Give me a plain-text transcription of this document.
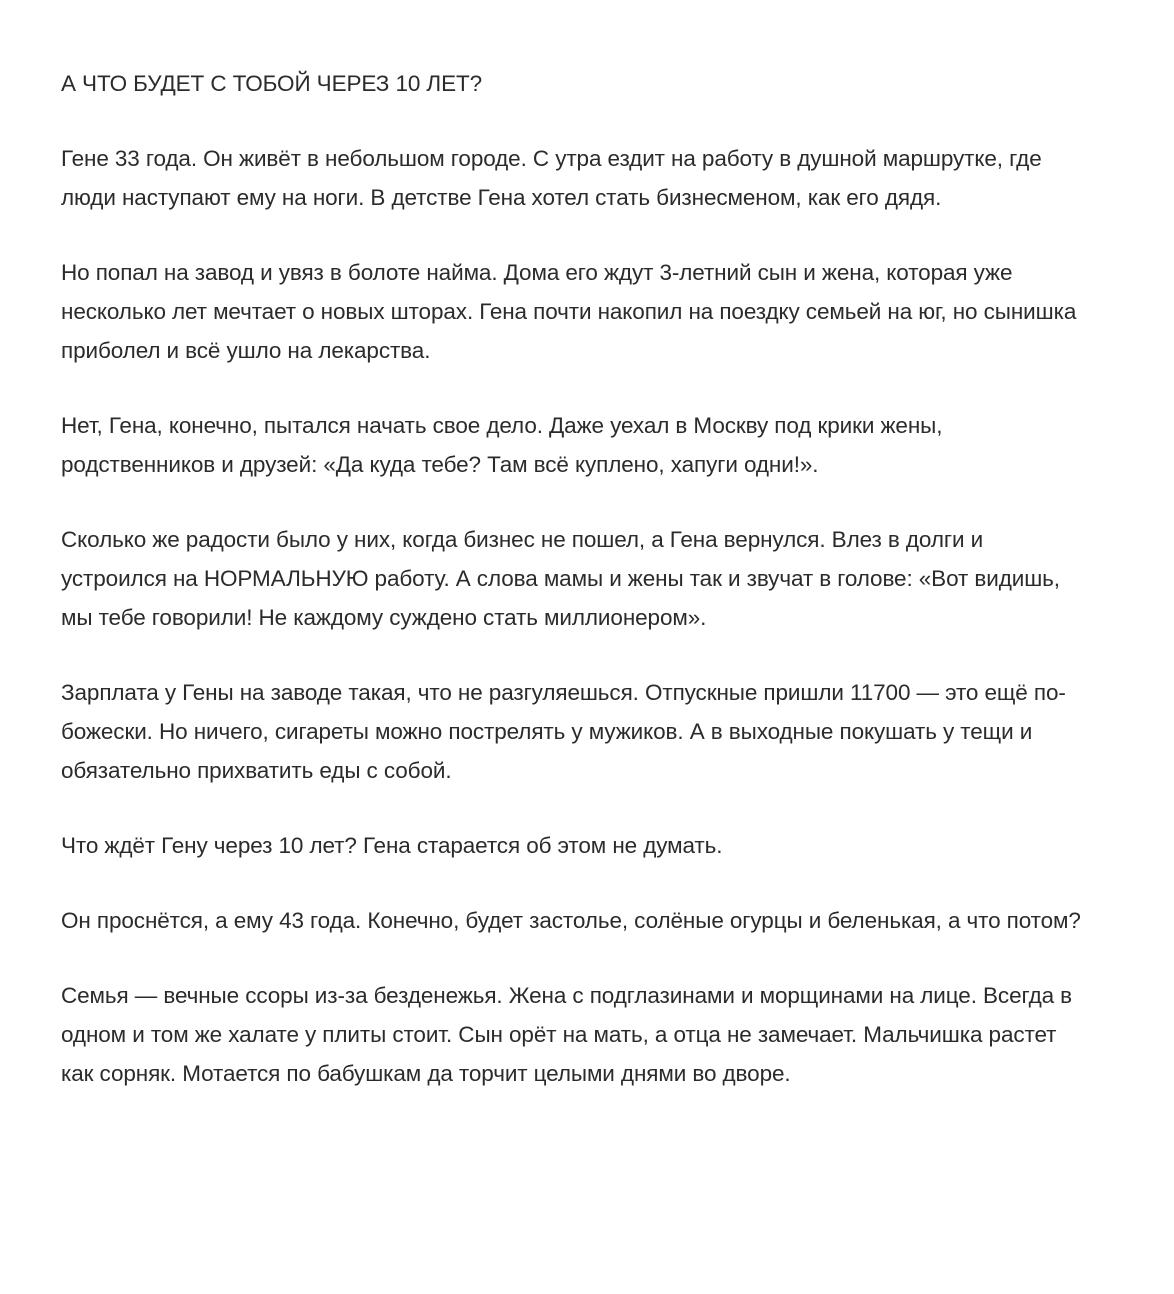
А ЧТО БУДЕТ С ТОБОЙ ЧЕРЕЗ 10 ЛЕТ?

Гене 33 года. Он живёт в небольшом городе. С утра ездит на работу в душной маршрутке, где люди наступают ему на ноги. В детстве Гена хотел стать бизнесменом, как его дядя.

Но попал на завод и увяз в болоте найма. Дома его ждут 3-летний сын и жена, которая уже несколько лет мечтает о новых шторах. Гена почти накопил на поездку семьей на юг, но сынишка приболел и всё ушло на лекарства.

Нет, Гена, конечно, пытался начать свое дело. Даже уехал в Москву под крики жены, родственников и друзей: «Да куда тебе? Там всё куплено, хапуги одни!».

Сколько же радости было у них, когда бизнес не пошел, а Гена вернулся. Влез в долги и устроился на НОРМАЛЬНУЮ работу. А слова мамы и жены так и звучат в голове: «Вот видишь, мы тебе говорили! Не каждому суждено стать миллионером».

Зарплата у Гены на заводе такая, что не разгуляешься. Отпускные пришли 11700 — это ещё по-божески. Но ничего, сигареты можно пострелять у мужиков. А в выходные покушать у тещи и обязательно прихватить еды с собой.

Что ждёт Гену через 10 лет? Гена старается об этом не думать.

Он проснётся, а ему 43 года. Конечно, будет застолье, солёные огурцы и беленькая, а что потом?

Семья — вечные ссоры из-за безденежья. Жена с подглазинами и морщинами на лице. Всегда в одном и том же халате у плиты стоит. Сын орёт на мать, а отца не замечает. Мальчишка растет как сорняк. Мотается по бабушкам да торчит целыми днями во дворе.
